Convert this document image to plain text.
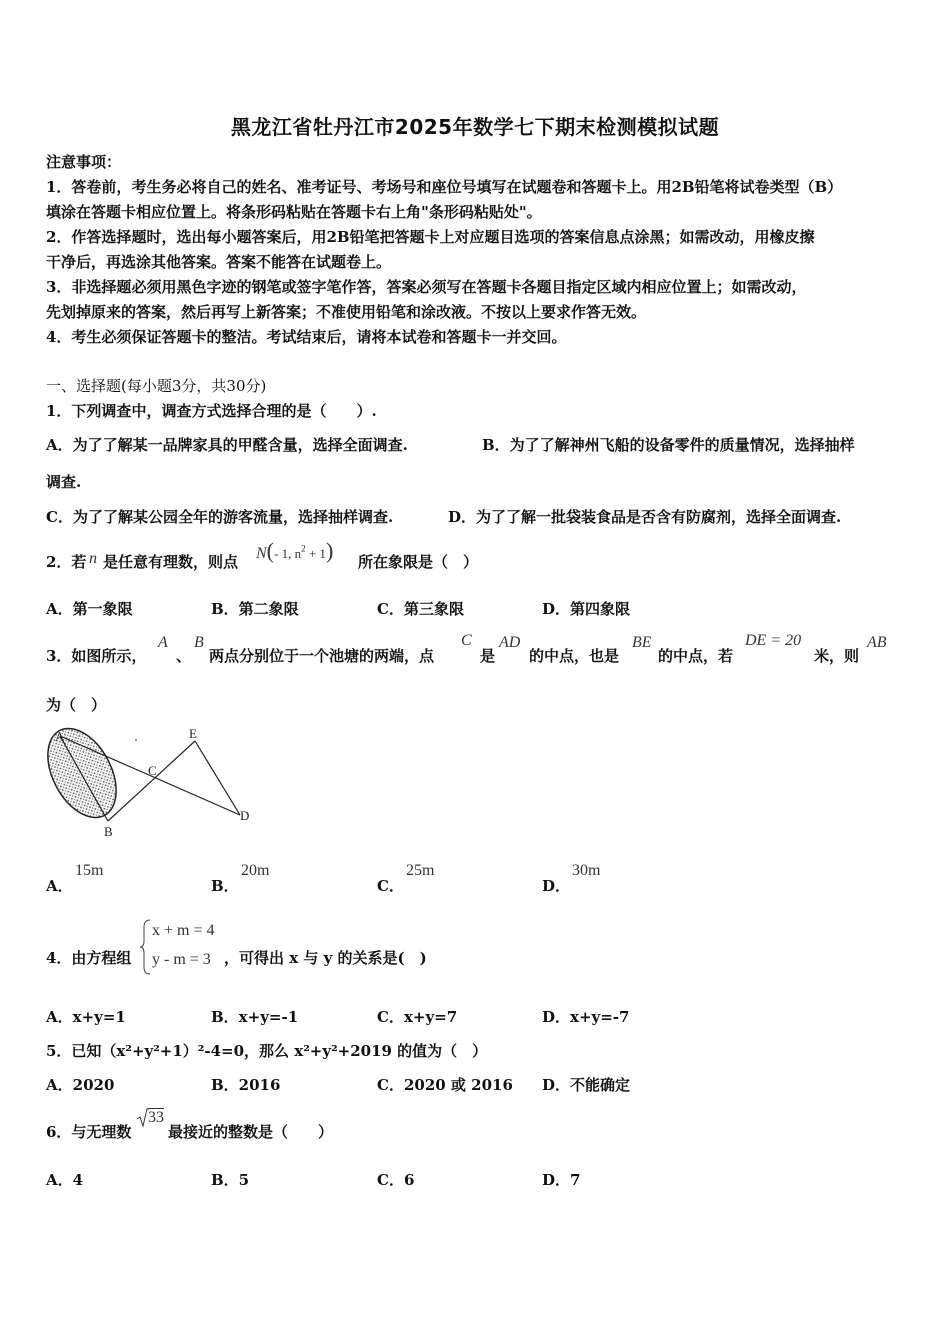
黑龙江省牡丹江市2025年数学七下期末检测模拟试题
注意事项：
1．答卷前，考生务必将自己的姓名、准考证号、考场号和座位号填写在试题卷和答题卡上。用2B铅笔将试卷类型（B）
填涂在答题卡相应位置上。将条形码粘贴在答题卡右上角"条形码粘贴处"。
2．作答选择题时，选出每小题答案后，用2B铅笔把答题卡上对应题目选项的答案信息点涂黑；如需改动，用橡皮擦
干净后，再选涂其他答案。答案不能答在试题卷上。
3．非选择题必须用黑色字迹的钢笔或签字笔作答，答案必须写在答题卡各题目指定区域内相应位置上；如需改动，
先划掉原来的答案，然后再写上新答案；不准使用铅笔和涂改液。不按以上要求作答无效。
4．考生必须保证答题卡的整洁。考试结束后，请将本试卷和答题卡一并交回。
一、选择题(每小题3分，共30分)
1．下列调查中，调查方式选择合理的是（　　）.
A．为了了解某一品牌家具的甲醛含量，选择全面调查.	B．为了了解神州飞船的设备零件的质量情况，选择抽样
调查.
C．为了了解某公园全年的游客流量，选择抽样调查.	D．为了了解一批袋装食品是否含有防腐剂，选择全面调查.
2．若 n 是任意有理数，则点 N(- 1, $n^2 + 1$) 所在象限是（　）
A．第一象限	B．第二象限	C．第三象限	D．第四象限
3．如图所示，
A
、
B
两点分别位于一个池塘的两端，点
C
是
AD
的中点，也是
BE
的中点，若
DE = 20
米，则
AB
为（　）
A
B
C
D
E
A．
15m
B．
20m
C．
25m
D．
30m
4．由方程组
x + m = 4
y - m = 3 ，可得出 x 与 y 的关系是(　)
A．x+y=1	B．x+y=-1	C．x+y=7	D．x+y=-7
5．已知（x²+y²+1）²-4=0，那么 x²+y²+2019 的值为（　）
A．2020	B．2016	C．2020 或 2016 D．不能确定
6．与无理数
33
最接近的整数是（　　）
A．4	B．5	C．6	D．7
